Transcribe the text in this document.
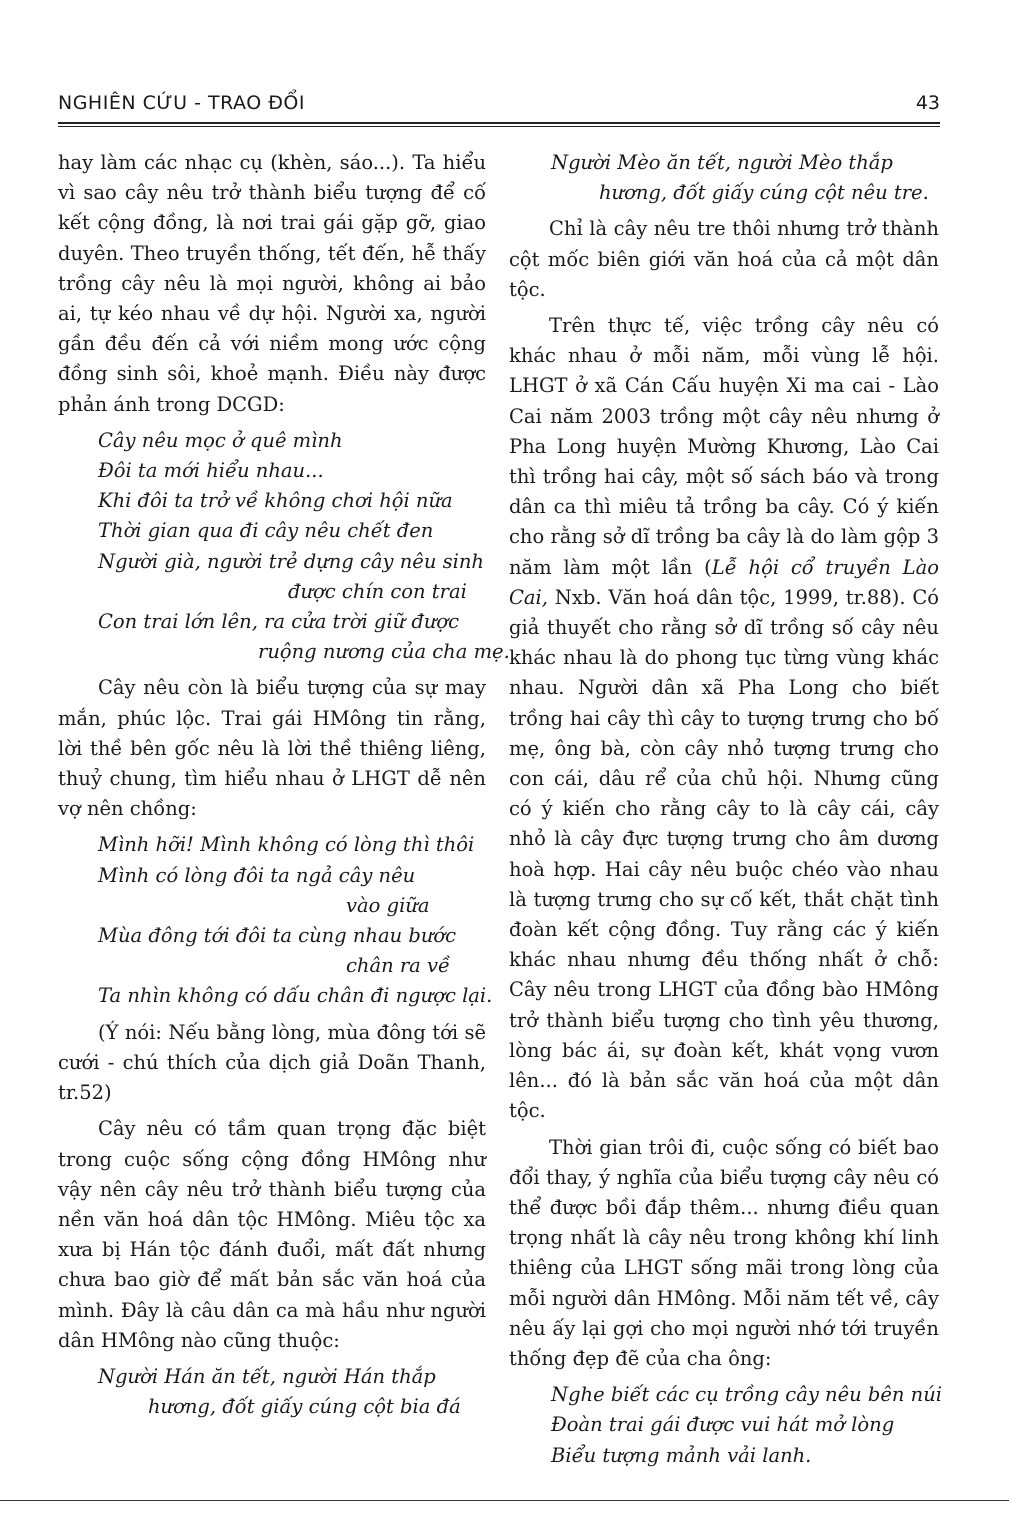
NGHIÊN CỨU - TRAO ĐỔI	43

hay làm các nhạc cụ (khèn, sáo...). Ta hiểu vì sao cây nêu trở thành biểu tượng để cố kết cộng đồng, là nơi trai gái gặp gỡ, giao duyên. Theo truyền thống, tết đến, hễ thấy trồng cây nêu là mọi người, không ai bảo ai, tự kéo nhau về dự hội. Người xa, người gần đều đến cả với niềm mong ước cộng đồng sinh sôi, khoẻ mạnh. Điều này được phản ánh trong DCGD:

Cây nêu mọc ở quê mình
Đôi ta mới hiểu nhau...
Khi đôi ta trở về không chơi hội nữa
Thời gian qua đi cây nêu chết đen
Người già, người trẻ dựng cây nêu sinh
được chín con trai
Con trai lớn lên, ra cửa trời giữ được
ruộng nương của cha mẹ.

Cây nêu còn là biểu tượng của sự may mắn, phúc lộc. Trai gái HMông tin rằng, lời thề bên gốc nêu là lời thề thiêng liêng, thuỷ chung, tìm hiểu nhau ở LHGT dễ nên vợ nên chồng:

Mình hỡi! Mình không có lòng thì thôi
Mình có lòng đôi ta ngả cây nêu
vào giữa
Mùa đông tới đôi ta cùng nhau bước
chân ra về
Ta nhìn không có dấu chân đi ngược lại.

(Ý nói: Nếu bằng lòng, mùa đông tới sẽ cưới - chú thích của dịch giả Doãn Thanh, tr.52)

Cây nêu có tầm quan trọng đặc biệt trong cuộc sống cộng đồng HMông như vậy nên cây nêu trở thành biểu tượng của nền văn hoá dân tộc HMông. Miêu tộc xa xưa bị Hán tộc đánh đuổi, mất đất nhưng chưa bao giờ để mất bản sắc văn hoá của mình. Đây là câu dân ca mà hầu như người dân HMông nào cũng thuộc:

Người Hán ăn tết, người Hán thắp
hương, đốt giấy cúng cột bia đá
Người Mèo ăn tết, người Mèo thắp
hương, đốt giấy cúng cột nêu tre.

Chỉ là cây nêu tre thôi nhưng trở thành cột mốc biên giới văn hoá của cả một dân tộc.

Trên thực tế, việc trồng cây nêu có khác nhau ở mỗi năm, mỗi vùng lễ hội. LHGT ở xã Cán Cấu huyện Xi ma cai - Lào Cai năm 2003 trồng một cây nêu nhưng ở Pha Long huyện Mường Khương, Lào Cai thì trồng hai cây, một số sách báo và trong dân ca thì miêu tả trồng ba cây. Có ý kiến cho rằng sở dĩ trồng ba cây là do làm gộp 3 năm làm một lần (Lễ hội cổ truyền Lào Cai, Nxb. Văn hoá dân tộc, 1999, tr.88). Có giả thuyết cho rằng sở dĩ trồng số cây nêu khác nhau là do phong tục từng vùng khác nhau. Người dân xã Pha Long cho biết trồng hai cây thì cây to tượng trưng cho bố mẹ, ông bà, còn cây nhỏ tượng trưng cho con cái, dâu rể của chủ hội. Nhưng cũng có ý kiến cho rằng cây to là cây cái, cây nhỏ là cây đực tượng trưng cho âm dương hoà hợp. Hai cây nêu buộc chéo vào nhau là tượng trưng cho sự cố kết, thắt chặt tình đoàn kết cộng đồng. Tuy rằng các ý kiến khác nhau nhưng đều thống nhất ở chỗ: Cây nêu trong LHGT của đồng bào HMông trở thành biểu tượng cho tình yêu thương, lòng bác ái, sự đoàn kết, khát vọng vươn lên... đó là bản sắc văn hoá của một dân tộc.

Thời gian trôi đi, cuộc sống có biết bao đổi thay, ý nghĩa của biểu tượng cây nêu có thể được bồi đắp thêm... nhưng điều quan trọng nhất là cây nêu trong không khí linh thiêng của LHGT sống mãi trong lòng của mỗi người dân HMông. Mỗi năm tết về, cây nêu ấy lại gợi cho mọi người nhớ tới truyền thống đẹp đẽ của cha ông:

Nghe biết các cụ trồng cây nêu bên núi
Đoàn trai gái được vui hát mở lòng
Biểu tượng mảnh vải lanh.
